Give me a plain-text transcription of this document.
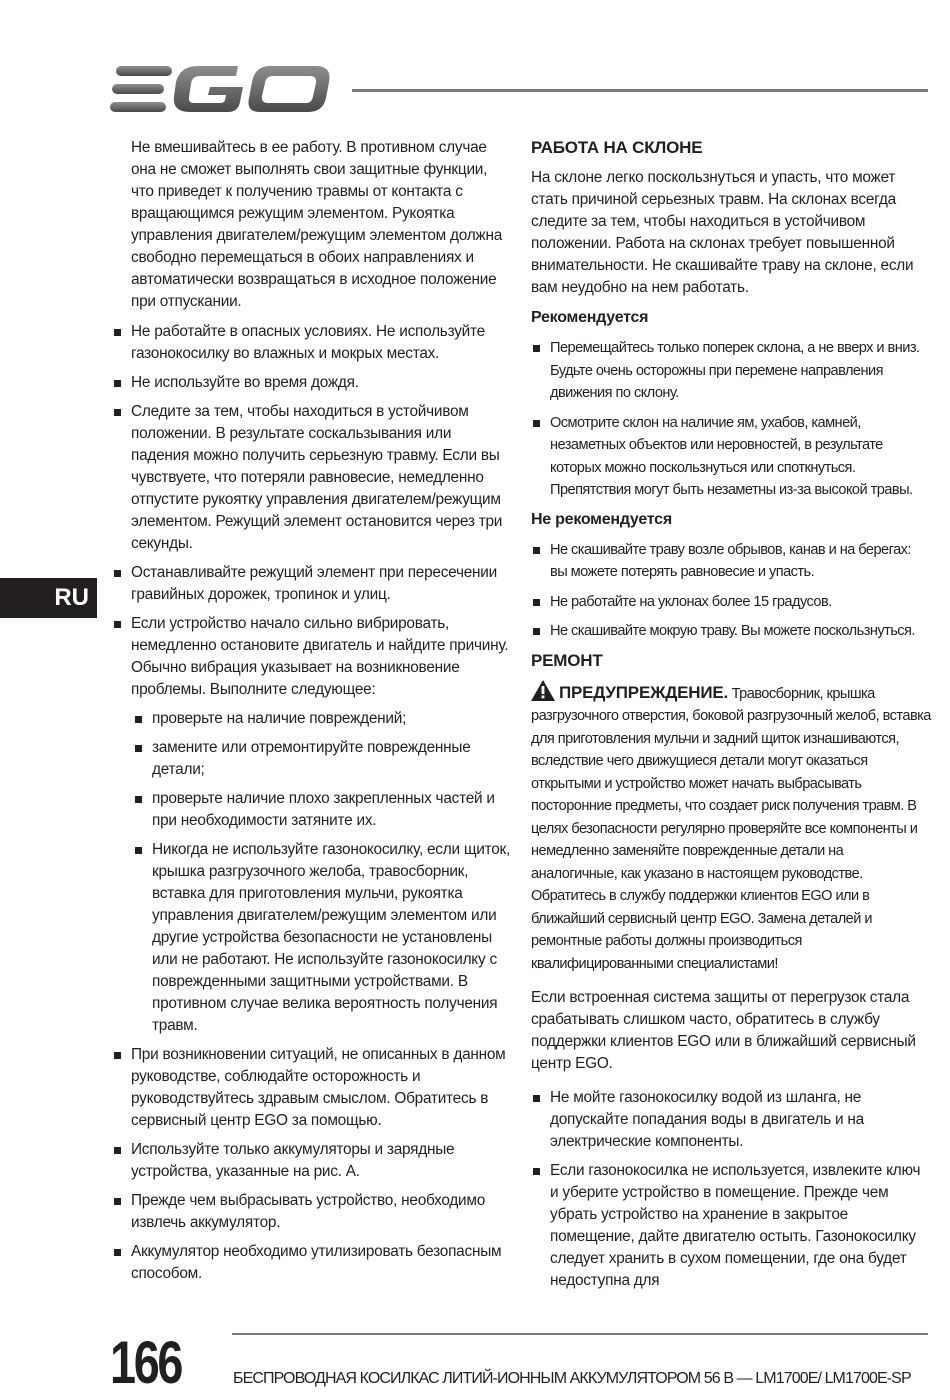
RU

Не вмешивайтесь в ее работу. В противном случае она не сможет выполнять свои защитные функции, что приведет к получению травмы от контакта с вращающимся режущим элементом. Рукоятка управления двигателем/режущим элементом должна свободно перемещаться в обоих направлениях и автоматически возвращаться в исходное положение при отпускании.

Не работайте в опасных условиях. Не используйте газонокосилку во влажных и мокрых местах.
Не используйте во время дождя.
Следите за тем, чтобы находиться в устойчивом положении. В результате соскальзывания или падения можно получить серьезную травму. Если вы чувствуете, что потеряли равновесие, немедленно отпустите рукоятку управления двигателем/режущим элементом. Режущий элемент остановится через три секунды.
Останавливайте режущий элемент при пересечении гравийных дорожек, тропинок и улиц.
Если устройство начало сильно вибрировать, немедленно остановите двигатель и найдите причину. Обычно вибрация указывает на возникновение проблемы. Выполните следующее:
проверьте на наличие повреждений;
замените или отремонтируйте поврежденные детали;
проверьте наличие плохо закрепленных частей и при необходимости затяните их.
Никогда не используйте газонокосилку, если щиток, крышка разгрузочного желоба, травосборник, вставка для приготовления мульчи, рукоятка управления двигателем/режущим элементом или другие устройства безопасности не установлены или не работают. Не используйте газонокосилку с поврежденными защитными устройствами. В противном случае велика вероятность получения травм.
При возникновении ситуаций, не описанных в данном руководстве, соблюдайте осторожность и руководствуйтесь здравым смыслом. Обратитесь в сервисный центр EGO за помощью.
Используйте только аккумуляторы и зарядные устройства, указанные на рис. А.
Прежде чем выбрасывать устройство, необходимо извлечь аккумулятор.
Аккумулятор необходимо утилизировать безопасным способом.
РАБОТА НА СКЛОНЕ

На склоне легко поскользнуться и упасть, что может стать причиной серьезных травм. На склонах всегда следите за тем, чтобы находиться в устойчивом положении. Работа на склонах требует повышенной внимательности. Не скашивайте траву на склоне, если вам неудобно на нем работать.

Рекомендуется
Перемещайтесь только поперек склона, а не вверх и вниз. Будьте очень осторожны при перемене направления движения по склону.
Осмотрите склон на наличие ям, ухабов, камней, незаметных объектов или неровностей, в результате которых можно поскользнуться или споткнуться. Препятствия могут быть незаметны из-за высокой травы.
Не рекомендуется
Не скашивайте траву возле обрывов, канав и на берегах: вы можете потерять равновесие и упасть.
Не работайте на уклонах более 15 градусов.
Не скашивайте мокрую траву. Вы можете поскользнуться.
РЕМОНТ

ПРЕДУПРЕЖДЕНИЕ. Травосборник, крышка разгрузочного отверстия, боковой разгрузочный желоб, вставка для приготовления мульчи и задний щиток изнашиваются, вследствие чего движущиеся детали могут оказаться открытыми и устройство может начать выбрасывать посторонние предметы, что создает риск получения травм. В целях безопасности регулярно проверяйте все компоненты и немедленно заменяйте поврежденные детали на аналогичные, как указано в настоящем руководстве. Обратитесь в службу поддержки клиентов EGO или в ближайший сервисный центр EGO. Замена деталей и ремонтные работы должны производиться квалифицированными специалистами!

Если встроенная система защиты от перегрузок стала срабатывать слишком часто, обратитесь в службу поддержки клиентов EGO или в ближайший сервисный центр EGO.

Не мойте газонокосилку водой из шланга, не допускайте попадания воды в двигатель и на электрические компоненты.
Если газонокосилка не используется, извлеките ключ и уберите устройство в помещение. Прежде чем убрать устройство на хранение в закрытое помещение, дайте двигателю остыть. Газонокосилку следует хранить в сухом помещении, где она будет недоступна для
166	БЕСПРОВОДНАЯ КОСИЛКАС ЛИТИЙ-ИОННЫМ АККУМУЛЯТОРОМ 56 В — LM1700E/ LM1700E-SP
